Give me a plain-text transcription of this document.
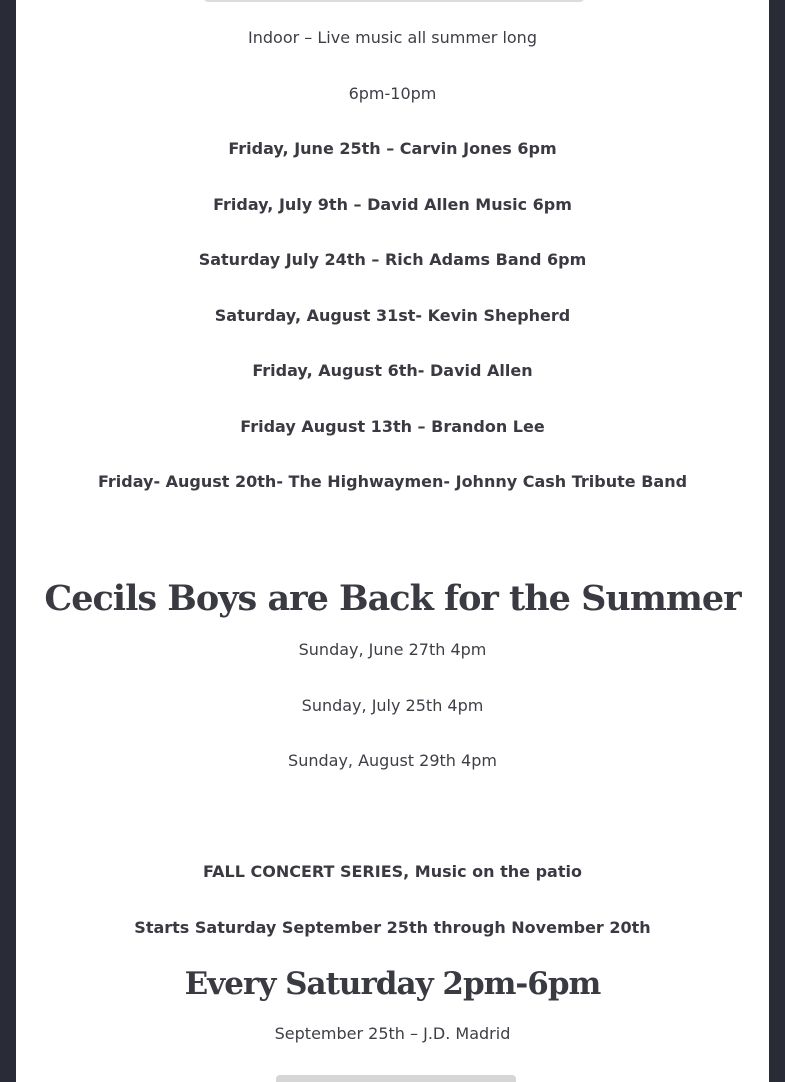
Indoor – Live music all summer long
6pm-10pm
Friday, June 25th – Carvin Jones 6pm
Friday, July 9th – David Allen Music 6pm
Saturday July 24th – Rich Adams Band 6pm
Saturday, August 31st- Kevin Shepherd
Friday, August 6th- David Allen
Friday August 13th – Brandon Lee
Friday- August 20th- The Highwaymen- Johnny Cash Tribute Band
Cecils Boys are Back for the Summer
Sunday, June 27th 4pm
Sunday, July 25th 4pm
Sunday, August 29th 4pm
FALL CONCERT SERIES, Music on the patio
Starts Saturday September 25th through November 20th
Every Saturday 2pm-6pm
September 25th – J.D. Madrid
